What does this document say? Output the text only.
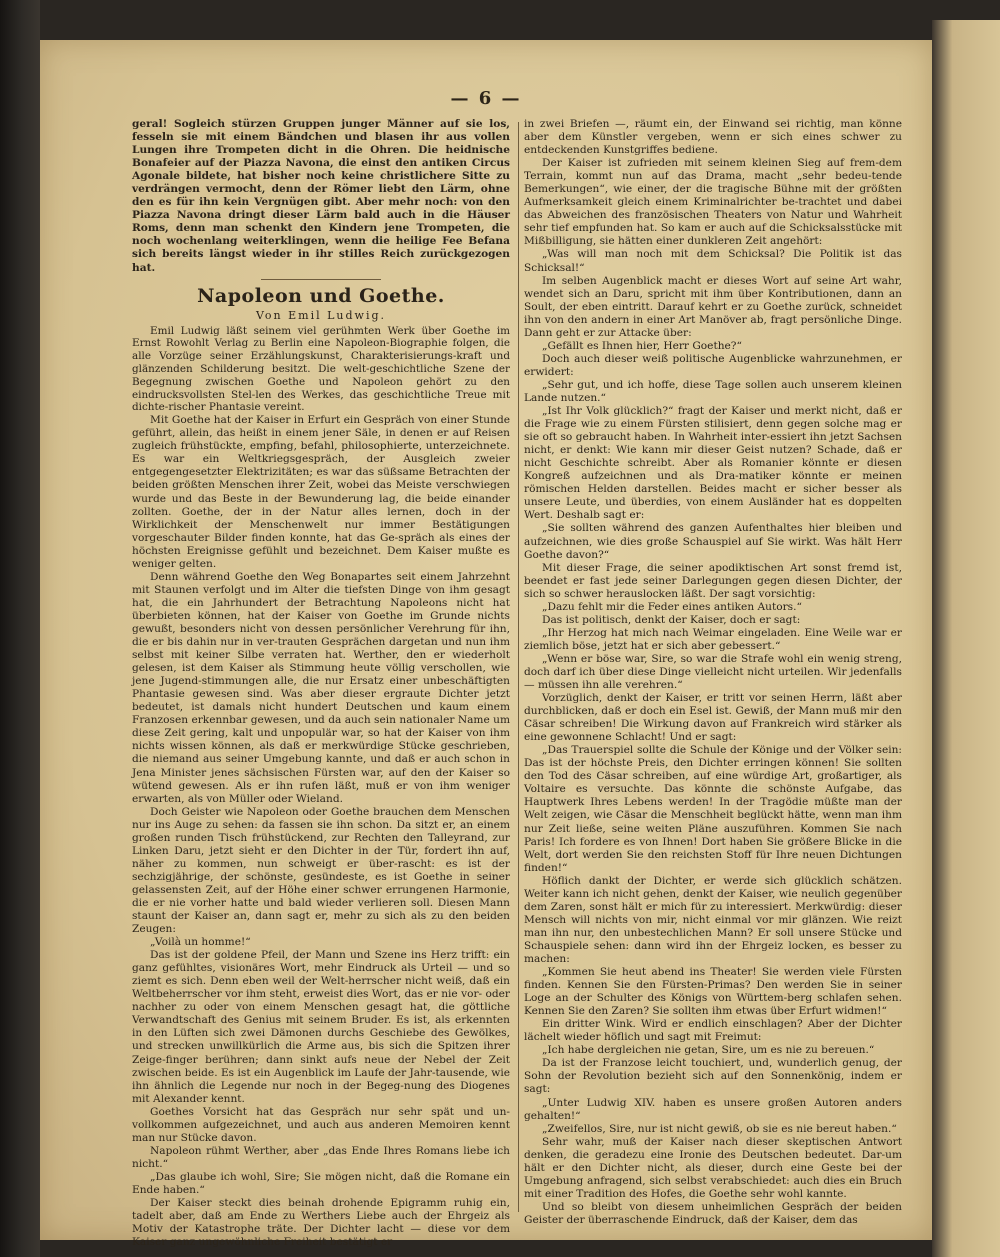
— 6 —

geral! Sogleich stürzen Gruppen junger Männer auf sie los, fesseln sie mit einem Bändchen und blasen ihr aus vollen Lungen ihre Trompeten dicht in die Ohren. Die heidnische Bonafeier auf der Piazza Navona, die einst den antiken Circus Agonale bildete, hat bisher noch keine christlichere Sitte zu verdrängen vermocht, denn der Römer liebt den Lärm, ohne den es für ihn kein Vergnügen gibt. Aber mehr noch: von den Piazza Navona dringt dieser Lärm bald auch in die Häuser Roms, denn man schenkt den Kindern jene Trompeten, die noch wochenlang weiterklingen, wenn die heilige Fee Befana sich bereits längst wieder in ihr stilles Reich zurückgezogen hat.

Napoleon und Goethe.
Von Emil Ludwig.

Emil Ludwig läßt seinem viel gerühmten Werk über Goethe im Ernst Rowohlt Verlag zu Berlin eine Napoleon-Biographie folgen, die alle Vorzüge seiner Erzählungskunst, Charakterisierungs-kraft und glänzenden Schilderung besitzt. Die welt-geschichtliche Szene der Begegnung zwischen Goethe und Napoleon gehört zu den eindrucksvollsten Stel-len des Werkes, das geschichtliche Treue mit dichte-rischer Phantasie vereint.

Mit Goethe hat der Kaiser in Erfurt ein Gespräch von einer Stunde geführt, allein, das heißt in einem jener Säle, in denen er auf Reisen zugleich frühstückte, empfing, befahl, philosophierte, unterzeichnete. Es war ein Weltkriegsgespräch, der Ausgleich zweier entgegengesetzter Elektrizitäten; es war das süßsame Betrachten der beiden größten Menschen ihrer Zeit, wobei das Meiste verschwiegen wurde und das Beste in der Bewunderung lag, die beide einander zollten. Goethe, der in der Natur alles lernen, doch in der Wirklichkeit der Menschenwelt nur immer Bestätigungen vorgeschauter Bilder finden konnte, hat das Ge-spräch als eines der höchsten Ereignisse gefühlt und bezeichnet. Dem Kaiser mußte es weniger gelten.

Denn während Goethe den Weg Bonapartes seit einem Jahrzehnt mit Staunen verfolgt und im Alter die tiefsten Dinge von ihm gesagt hat, die ein Jahrhundert der Betrachtung Napoleons nicht hat überbieten können, hat der Kaiser von Goethe im Grunde nichts gewußt, besonders nicht von dessen persönlicher Verehrung für ihn, die er bis dahin nur in ver-trauten Gesprächen dargetan und nun ihm selbst mit keiner Silbe verraten hat. Werther, den er wiederholt gelesen, ist dem Kaiser als Stimmung heute völlig verschollen, wie jene Jugend-stimmungen alle, die nur Ersatz einer unbeschäftigten Phantasie gewesen sind. Was aber dieser ergraute Dichter jetzt bedeutet, ist damals nicht hundert Deutschen und kaum einem Franzosen erkennbar gewesen, und da auch sein nationaler Name um diese Zeit gering, kalt und unpopulär war, so hat der Kaiser von ihm nichts wissen können, als daß er merkwürdige Stücke geschrieben, die niemand aus seiner Umgebung kannte, und daß er auch schon in Jena Minister jenes sächsischen Fürsten war, auf den der Kaiser so wütend gewesen. Als er ihn rufen läßt, muß er von ihm weniger erwarten, als von Müller oder Wieland.

Doch Geister wie Napoleon oder Goethe brauchen dem Menschen nur ins Auge zu sehen: da fassen sie ihn schon. Da sitzt er, an einem großen runden Tisch frühstückend, zur Rechten den Talleyrand, zur Linken Daru, jetzt sieht er den Dichter in der Tür, fordert ihn auf, näher zu kommen, nun schweigt er über-rascht: es ist der sechzigjährige, der schönste, gesündeste, es ist Goethe in seiner gelassensten Zeit, auf der Höhe einer schwer errungenen Harmonie, die er nie vorher hatte und bald wieder verlieren soll. Diesen Mann staunt der Kaiser an, dann sagt er, mehr zu sich als zu den beiden Zeugen:

„Voilà un homme!“

Das ist der goldene Pfeil, der Mann und Szene ins Herz trifft: ein ganz gefühltes, visionäres Wort, mehr Eindruck als Urteil — und so ziemt es sich. Denn eben weil der Welt-herrscher nicht weiß, daß ein Weltbeherrscher vor ihm steht, erweist dies Wort, das er nie vor- oder nachher zu oder von einem Menschen gesagt hat, die göttliche Verwandtschaft des Genius mit seinem Bruder. Es ist, als erkennten in den Lüften sich zwei Dämonen durchs Geschiebe des Gewölkes, und strecken unwillkürlich die Arme aus, bis sich die Spitzen ihrer Zeige-finger berühren; dann sinkt aufs neue der Nebel der Zeit zwischen beide. Es ist ein Augenblick im Laufe der Jahr-tausende, wie ihn ähnlich die Legende nur noch in der Begeg-nung des Diogenes mit Alexander kennt.

Goethes Vorsicht hat das Gespräch nur sehr spät und un-vollkommen aufgezeichnet, und auch aus anderen Memoiren kennt man nur Stücke davon.

Napoleon rühmt Werther, aber „das Ende Ihres Romans liebe ich nicht.“

„Das glaube ich wohl, Sire; Sie mögen nicht, daß die Romane ein Ende haben.“

Der Kaiser steckt dies beinah drohende Epigramm ruhig ein, tadelt aber, daß am Ende zu Werthers Liebe auch der Ehrgeiz als Motiv der Katastrophe träte. Der Dichter lacht — diese vor dem Kaiser ganz ungewöhnliche Freiheit bestätigt er

in zwei Briefen —, räumt ein, der Einwand sei richtig, man könne aber dem Künstler vergeben, wenn er sich eines schwer zu entdeckenden Kunstgriffes bediene.

Der Kaiser ist zufrieden mit seinem kleinen Sieg auf frem-dem Terrain, kommt nun auf das Drama, macht „sehr bedeu-tende Bemerkungen“, wie einer, der die tragische Bühne mit der größten Aufmerksamkeit gleich einem Kriminalrichter be-trachtet und dabei das Abweichen des französischen Theaters von Natur und Wahrheit sehr tief empfunden hat. So kam er auch auf die Schicksalsstücke mit Mißbilligung, sie hätten einer dunkleren Zeit angehört:

„Was will man noch mit dem Schicksal? Die Politik ist das Schicksal!“

Im selben Augenblick macht er dieses Wort auf seine Art wahr, wendet sich an Daru, spricht mit ihm über Kontributionen, dann an Soult, der eben eintritt. Darauf kehrt er zu Goethe zurück, schneidet ihn von den andern in einer Art Manöver ab, fragt persönliche Dinge. Dann geht er zur Attacke über:

„Gefällt es Ihnen hier, Herr Goethe?“

Doch auch dieser weiß politische Augenblicke wahrzunehmen, er erwidert:

„Sehr gut, und ich hoffe, diese Tage sollen auch unserem kleinen Lande nutzen.“

„Ist Ihr Volk glücklich?“ fragt der Kaiser und merkt nicht, daß er die Frage wie zu einem Fürsten stilisiert, denn gegen solche mag er sie oft so gebraucht haben. In Wahrheit inter-essiert ihn jetzt Sachsen nicht, er denkt: Wie kann mir dieser Geist nutzen? Schade, daß er nicht Geschichte schreibt. Aber als Romanier könnte er diesen Kongreß aufzeichnen und als Dra-matiker könnte er meinen römischen Helden darstellen. Beides macht er sicher besser als unsere Leute, und überdies, von einem Ausländer hat es doppelten Wert. Deshalb sagt er:

„Sie sollten während des ganzen Aufenthaltes hier bleiben und aufzeichnen, wie dies große Schauspiel auf Sie wirkt. Was hält Herr Goethe davon?“

Mit dieser Frage, die seiner apodiktischen Art sonst fremd ist, beendet er fast jede seiner Darlegungen gegen diesen Dichter, der sich so schwer herauslocken läßt. Der sagt vorsichtig:

„Dazu fehlt mir die Feder eines antiken Autors.“

Das ist politisch, denkt der Kaiser, doch er sagt:

„Ihr Herzog hat mich nach Weimar eingeladen. Eine Weile war er ziemlich böse, jetzt hat er sich aber gebessert.“

„Wenn er böse war, Sire, so war die Strafe wohl ein wenig streng, doch darf ich über diese Dinge vielleicht nicht urteilen. Wir jedenfalls — müssen ihn alle verehren.“

Vorzüglich, denkt der Kaiser, er tritt vor seinen Herrn, läßt aber durchblicken, daß er doch ein Esel ist. Gewiß, der Mann muß mir den Cäsar schreiben! Die Wirkung davon auf Frankreich wird stärker als eine gewonnene Schlacht! Und er sagt:

„Das Trauerspiel sollte die Schule der Könige und der Völker sein: Das ist der höchste Preis, den Dichter erringen können! Sie sollten den Tod des Cäsar schreiben, auf eine würdige Art, großartiger, als Voltaire es versuchte. Das könnte die schönste Aufgabe, das Hauptwerk Ihres Lebens werden! In der Tragödie müßte man der Welt zeigen, wie Cäsar die Menschheit beglückt hätte, wenn man ihm nur Zeit ließe, seine weiten Pläne auszuführen. Kommen Sie nach Paris! Ich fordere es von Ihnen! Dort haben Sie größere Blicke in die Welt, dort werden Sie den reichsten Stoff für Ihre neuen Dichtungen finden!“

Höflich dankt der Dichter, er werde sich glücklich schätzen. Weiter kann ich nicht gehen, denkt der Kaiser, wie neulich gegenüber dem Zaren, sonst hält er mich für zu interessiert. Merkwürdig: dieser Mensch will nichts von mir, nicht einmal vor mir glänzen. Wie reizt man ihn nur, den unbestechlichen Mann? Er soll unsere Stücke und Schauspiele sehen: dann wird ihn der Ehrgeiz locken, es besser zu machen:

„Kommen Sie heut abend ins Theater! Sie werden viele Fürsten finden. Kennen Sie den Fürsten-Primas? Den werden Sie in seiner Loge an der Schulter des Königs von Württem-berg schlafen sehen. Kennen Sie den Zaren? Sie sollten ihm etwas über Erfurt widmen!“

Ein dritter Wink. Wird er endlich einschlagen? Aber der Dichter lächelt wieder höflich und sagt mit Freimut:

„Ich habe dergleichen nie getan, Sire, um es nie zu bereuen.“

Da ist der Franzose leicht touchiert, und, wunderlich genug, der Sohn der Revolution bezieht sich auf den Sonnenkönig, indem er sagt:

„Unter Ludwig XIV. haben es unsere großen Autoren anders gehalten!“

„Zweifellos, Sire, nur ist nicht gewiß, ob sie es nie bereut haben.“

Sehr wahr, muß der Kaiser nach dieser skeptischen Antwort denken, die geradezu eine Ironie des Deutschen bedeutet. Dar-um hält er den Dichter nicht, als dieser, durch eine Geste bei der Umgebung anfragend, sich selbst verabschiedet: auch dies ein Bruch mit einer Tradition des Hofes, die Goethe sehr wohl kannte.

Und so bleibt von diesem unheimlichen Gespräch der beiden Geister der überraschende Eindruck, daß der Kaiser, dem das
